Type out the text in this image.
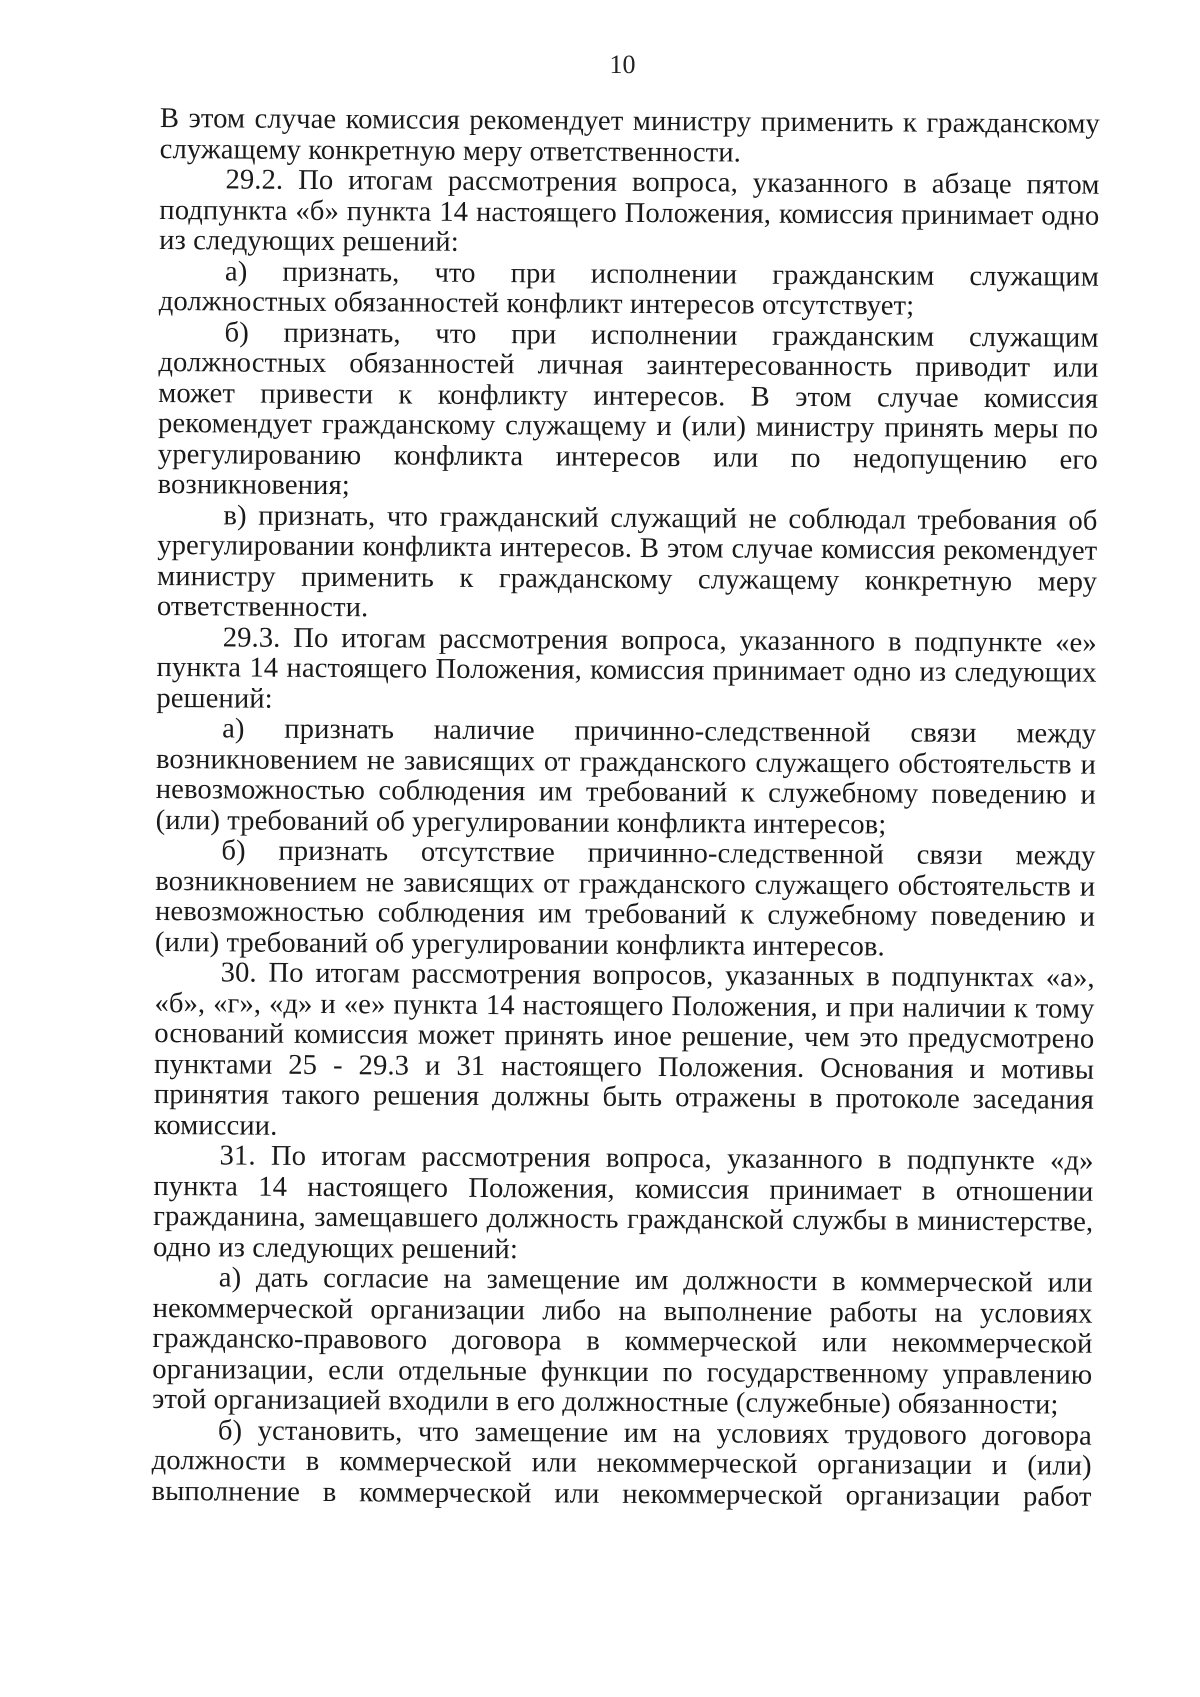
10

В этом случае комиссия рекомендует министру применить к гражданскому служащему конкретную меру ответственности.

29.2. По итогам рассмотрения вопроса, указанного в абзаце пятом подпункта «б» пункта 14 настоящего Положения, комиссия принимает одно из следующих решений:

а) признать, что при исполнении гражданским служащим должностных обязанностей конфликт интересов отсутствует;

б) признать, что при исполнении гражданским служащим должностных обязанностей личная заинтересованность приводит или может привести к конфликту интересов. В этом случае комиссия рекомендует гражданскому служащему и (или) министру принять меры по урегулированию конфликта интересов или по недопущению его возникновения;

в) признать, что гражданский служащий не соблюдал требования об урегулировании конфликта интересов. В этом случае комиссия рекомендует министру применить к гражданскому служащему конкретную меру ответственности.

29.3. По итогам рассмотрения вопроса, указанного в подпункте «е» пункта 14 настоящего Положения, комиссия принимает одно из следующих решений:

а) признать наличие причинно-следственной связи между возникновением не зависящих от гражданского служащего обстоятельств и невозможностью соблюдения им требований к служебному поведению и (или) требований об урегулировании конфликта интересов;

б) признать отсутствие причинно-следственной связи между возникновением не зависящих от гражданского служащего обстоятельств и невозможностью соблюдения им требований к служебному поведению и (или) требований об урегулировании конфликта интересов.

30. По итогам рассмотрения вопросов, указанных в подпунктах «а», «б», «г», «д» и «е» пункта 14 настоящего Положения, и при наличии к тому оснований комиссия может принять иное решение, чем это предусмотрено пунктами 25 - 29.3 и 31 настоящего Положения. Основания и мотивы принятия такого решения должны быть отражены в протоколе заседания комиссии.

31. По итогам рассмотрения вопроса, указанного в подпункте «д» пункта 14 настоящего Положения, комиссия принимает в отношении гражданина, замещавшего должность гражданской службы в министерстве, одно из следующих решений:

а) дать согласие на замещение им должности в коммерческой или некоммерческой организации либо на выполнение работы на условиях гражданско-правового договора в коммерческой или некоммерческой организации, если отдельные функции по государственному управлению этой организацией входили в его должностные (служебные) обязанности;

б) установить, что замещение им на условиях трудового договора должности в коммерческой или некоммерческой организации и (или) выполнение в коммерческой или некоммерческой организации работ
